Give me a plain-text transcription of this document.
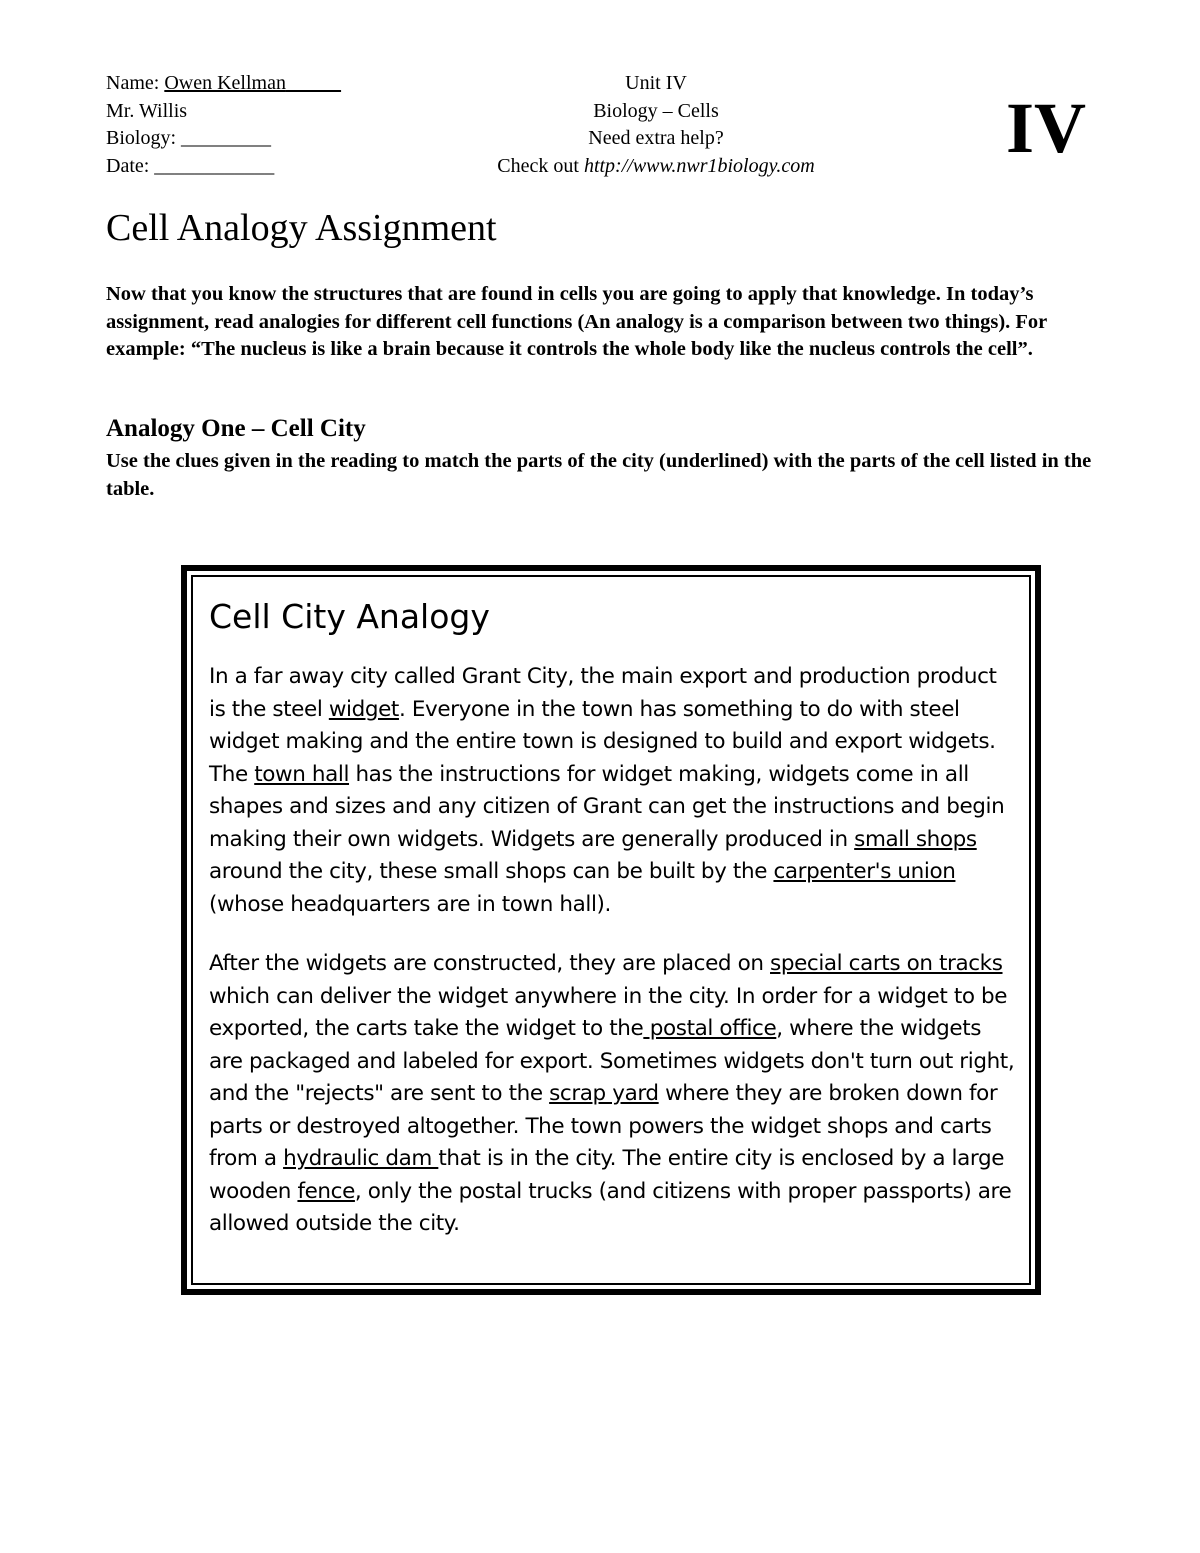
Name: Owen Kellman _____
Mr. Willis
Biology: _________
Date: ____________
Unit IV
Biology – Cells
Need extra help?
Check out http://www.nwr1biology.com	IV
Cell Analogy Assignment

Now that you know the structures that are found in cells you are going to apply that knowledge. In today’s assignment, read analogies for different cell functions (An analogy is a comparison between two things). For example: “The nucleus is like a brain because it controls the whole body like the nucleus controls the cell”.

Analogy One – Cell City

Use the clues given in the reading to match the parts of the city (underlined) with the parts of the cell listed in the table.

Cell City Analogy

In a far away city called Grant City, the main export and production product is the steel widget. Everyone in the town has something to do with steel widget making and the entire town is designed to build and export widgets. The town hall has the instructions for widget making, widgets come in all shapes and sizes and any citizen of Grant can get the instructions and begin making their own widgets. Widgets are generally produced in small shops around the city, these small shops can be built by the carpenter's union (whose headquarters are in town hall).

After the widgets are constructed, they are placed on special carts on tracks which can deliver the widget anywhere in the city. In order for a widget to be exported, the carts take the widget to the postal office, where the widgets are packaged and labeled for export. Sometimes widgets don't turn out right, and the "rejects" are sent to the scrap yard where they are broken down for parts or destroyed altogether. The town powers the widget shops and carts from a hydraulic dam that is in the city. The entire city is enclosed by a large wooden fence, only the postal trucks (and citizens with proper passports) are allowed outside the city.
